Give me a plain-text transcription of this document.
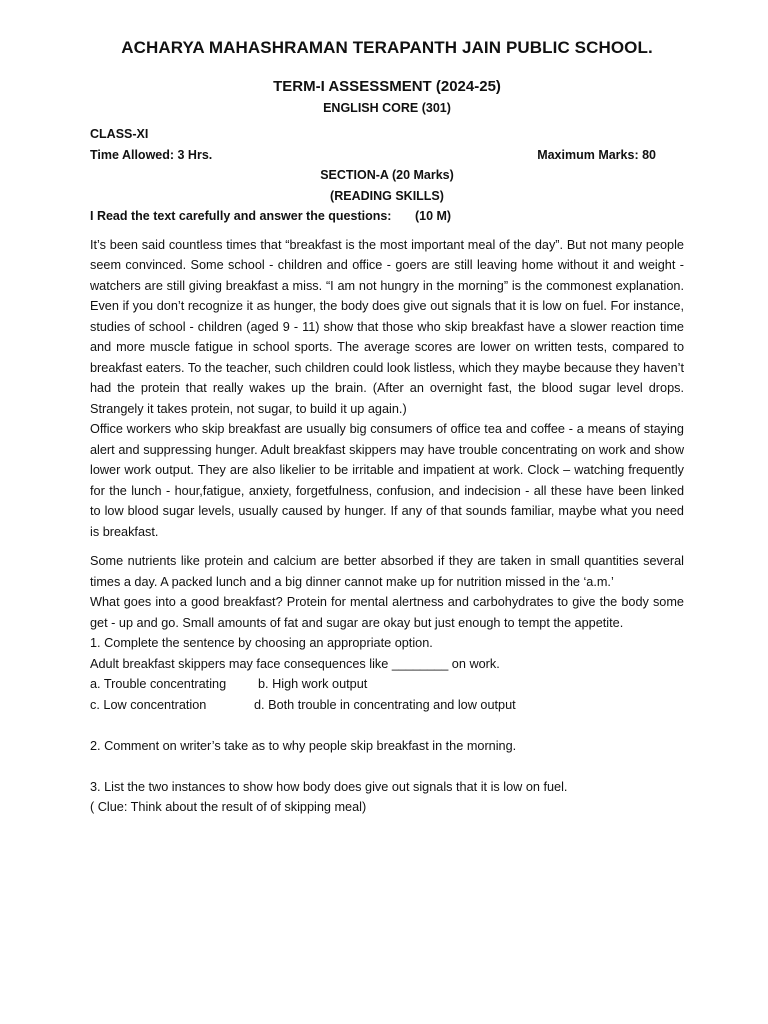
ACHARYA MAHASHRAMAN TERAPANTH JAIN PUBLIC SCHOOL.
TERM-I ASSESSMENT (2024-25)
ENGLISH CORE (301)
CLASS-XI
Time Allowed: 3 Hrs.	Maximum Marks: 80
SECTION-A (20 Marks)
(READING SKILLS)
I Read the text carefully and answer the questions: (10 M)

It’s been said countless times that “breakfast is the most important meal of the day”. But not many people seem convinced. Some school - children and office - goers are still leaving home without it and weight - watchers are still giving breakfast a miss. “I am not hungry in the morning” is the commonest explanation. Even if you don’t recognize it as hunger, the body does give out signals that it is low on fuel. For instance, studies of school - children (aged 9 - 11) show that those who skip breakfast have a slower reaction time and more muscle fatigue in school sports. The average scores are lower on written tests, compared to breakfast eaters. To the teacher, such children could look listless, which they maybe because they haven’t had the protein that really wakes up the brain. (After an overnight fast, the blood sugar level drops. Strangely it takes protein, not sugar, to build it up again.)

Office workers who skip breakfast are usually big consumers of office tea and coffee - a means of staying alert and suppressing hunger. Adult breakfast skippers may have trouble concentrating on work and show lower work output. They are also likelier to be irritable and impatient at work. Clock – watching frequently for the lunch - hour,fatigue, anxiety, forgetfulness, confusion, and indecision - all these have been linked to low blood sugar levels, usually caused by hunger. If any of that sounds familiar, maybe what you need is breakfast.

Some nutrients like protein and calcium are better absorbed if they are taken in small quantities several times a day. A packed lunch and a big dinner cannot make up for nutrition missed in the ‘a.m.’

What goes into a good breakfast? Protein for mental alertness and carbohydrates to give the body some get - up and go. Small amounts of fat and sugar are okay but just enough to tempt the appetite.

1. Complete the sentence by choosing an appropriate option.

Adult breakfast skippers may face consequences like ________ on work.

a. Trouble concentrating	b. High work output
c. Low concentration	d. Both trouble in concentrating and low output

2. Comment on writer’s take as to why people skip breakfast in the morning.

3. List the two instances to show how body does give out signals that it is low on fuel.

( Clue: Think about the result of of skipping meal)
